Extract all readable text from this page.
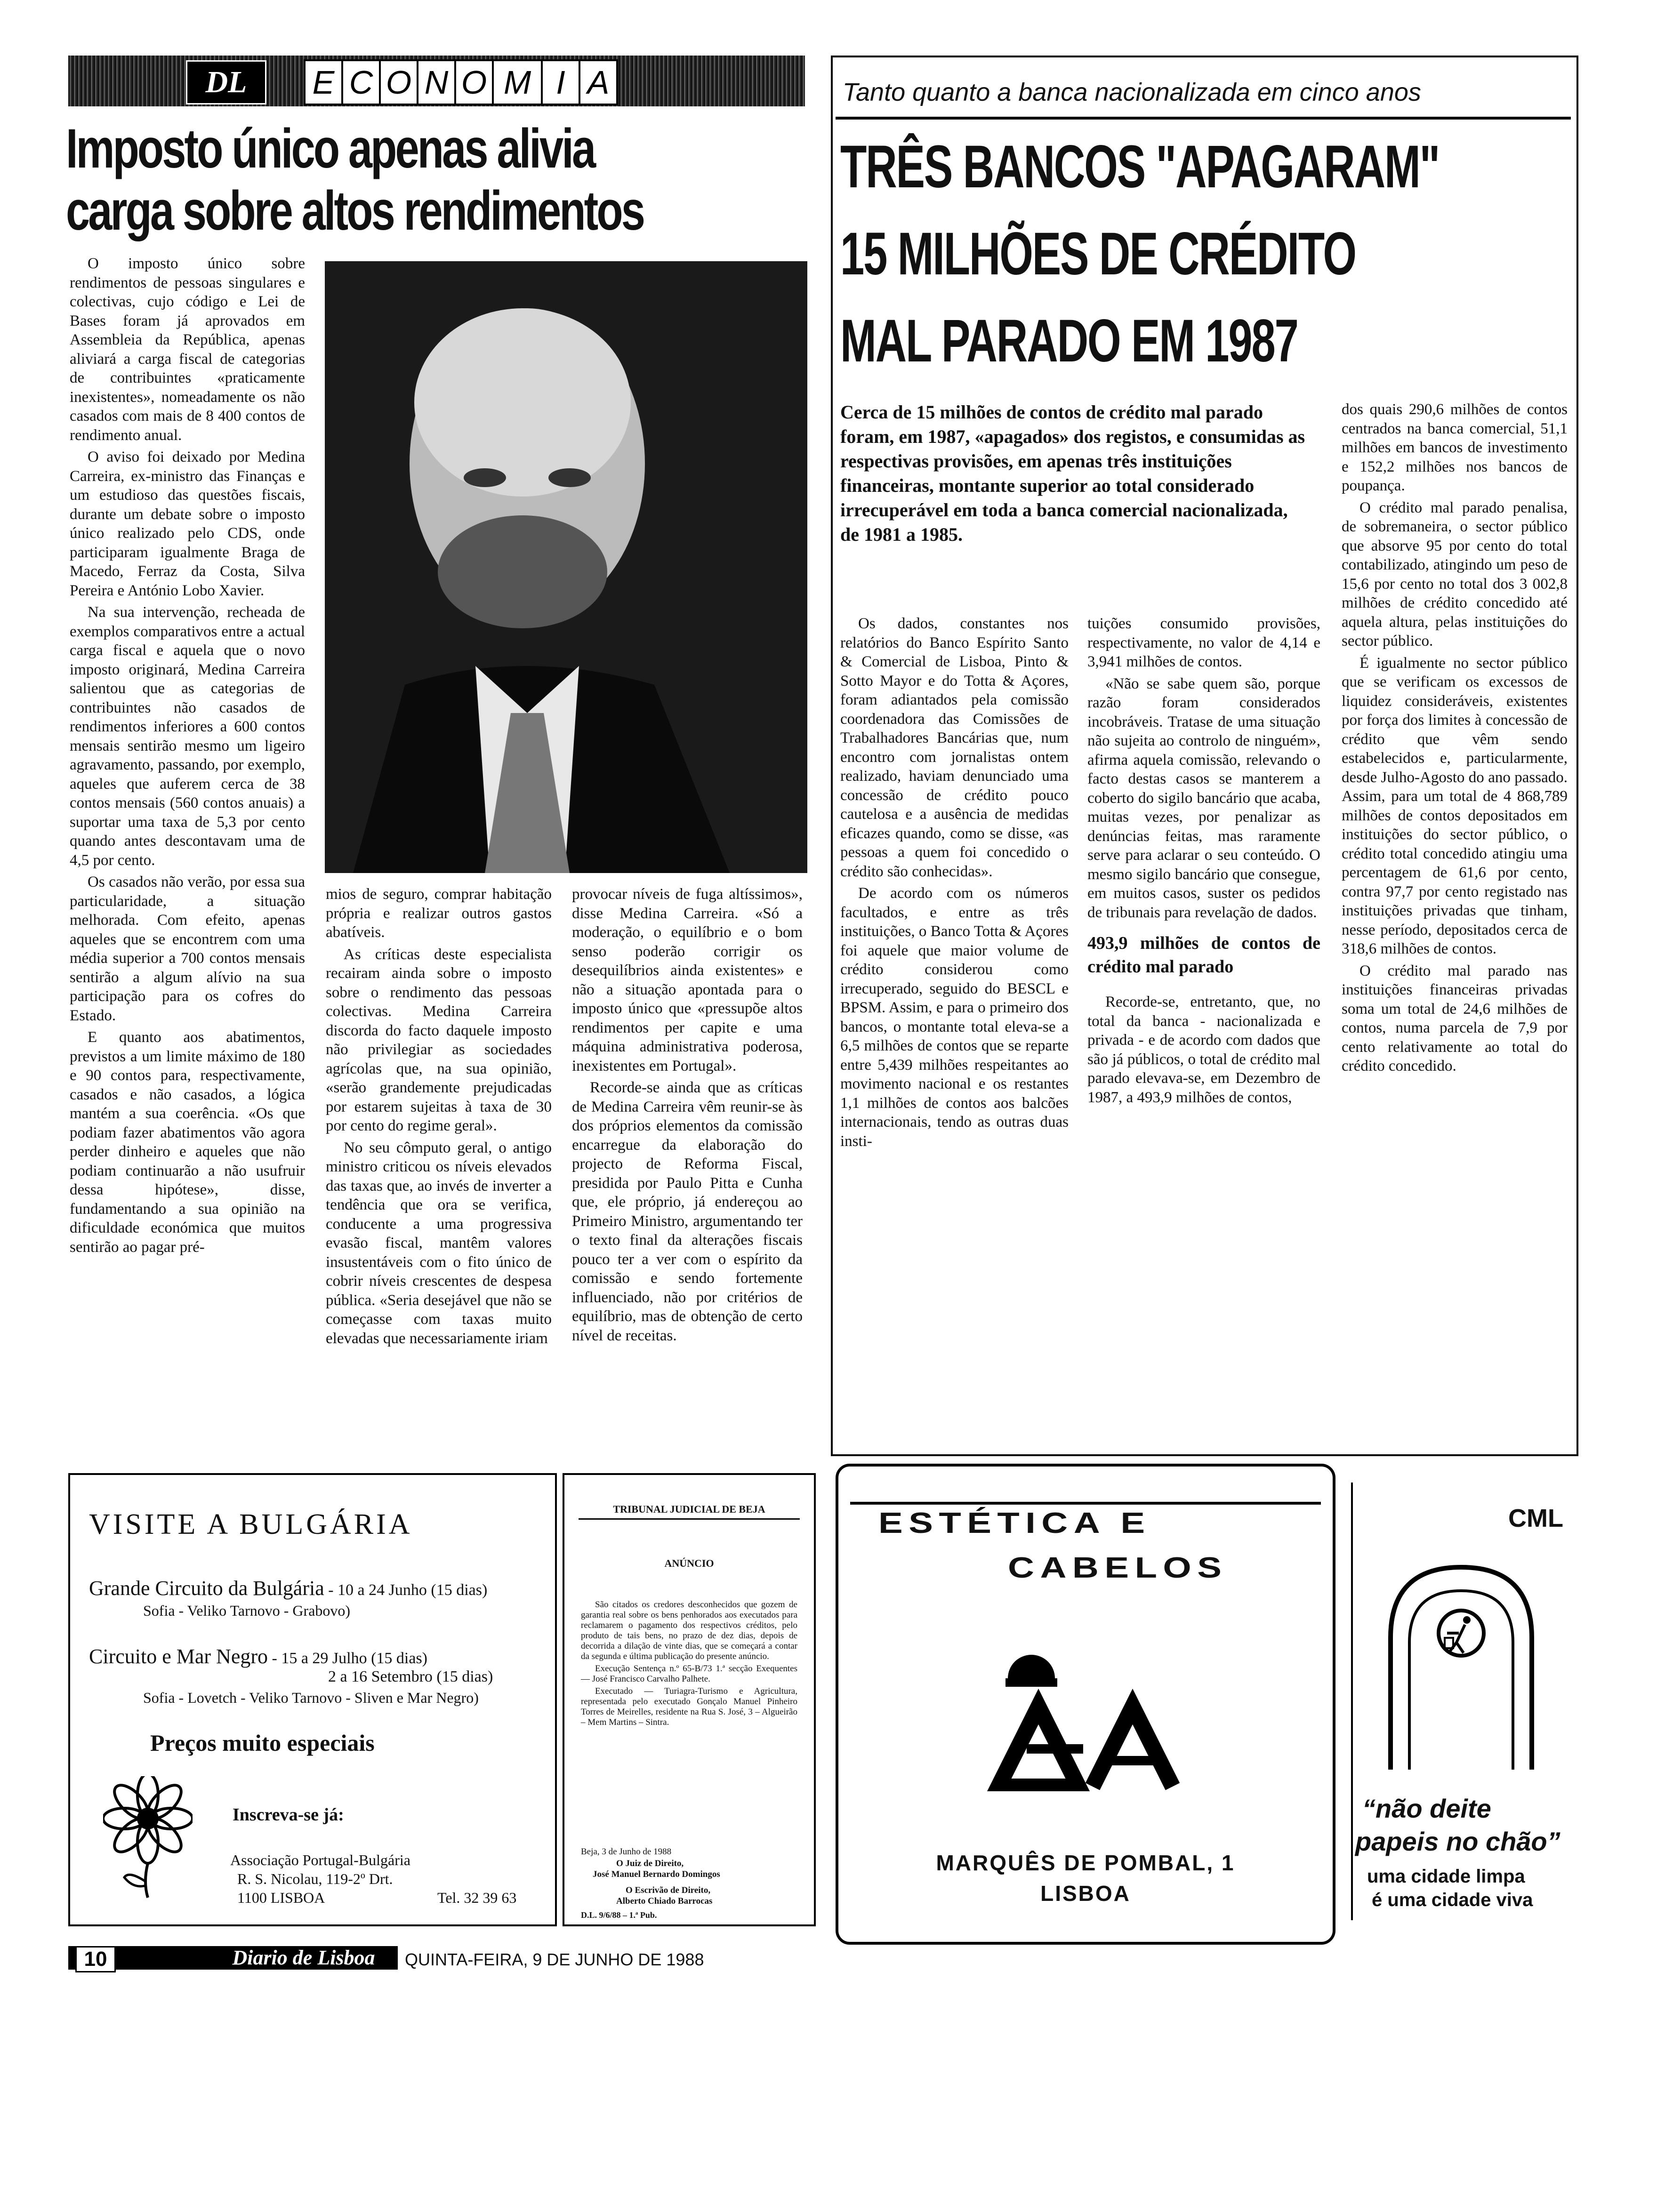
DL	E C O N O M I A
Imposto único apenas alivia
carga sobre altos rendimentos

O imposto único sobre rendimentos de pessoas singulares e colectivas, cujo código e Lei de Bases foram já aprovados em Assembleia da República, apenas aliviará a carga fiscal de categorias de contribuintes «praticamente inexistentes», nomeadamente os não casados com mais de 8 400 contos de rendimento anual.

O aviso foi deixado por Medina Carreira, ex-ministro das Finanças e um estudioso das questões fiscais, durante um debate sobre o imposto único realizado pelo CDS, onde participaram igualmente Braga de Macedo, Ferraz da Costa, Silva Pereira e António Lobo Xavier.

Na sua intervenção, recheada de exemplos comparativos entre a actual carga fiscal e aquela que o novo imposto originará, Medina Carreira salientou que as categorias de contribuintes não casados de rendimentos inferiores a 600 contos mensais sentirão mesmo um ligeiro agravamento, passando, por exemplo, aqueles que auferem cerca de 38 contos mensais (560 contos anuais) a suportar uma taxa de 5,3 por cento quando antes descontavam uma de 4,5 por cento.

Os casados não verão, por essa sua particularidade, a situação melhorada. Com efeito, apenas aqueles que se encontrem com uma média superior a 700 contos mensais sentirão a algum alívio na sua participação para os cofres do Estado.

E quanto aos abatimentos, previstos a um limite máximo de 180 e 90 contos para, respectivamente, casados e não casados, a lógica mantém a sua coerência. «Os que podiam fazer abatimentos vão agora perder dinheiro e aqueles que não podiam continuarão a não usufruir dessa hipótese», disse, fundamentando a sua opinião na dificuldade económica que muitos sentirão ao pagar pré-

mios de seguro, comprar habitação própria e realizar outros gastos abatíveis.

As críticas deste especialista recairam ainda sobre o imposto sobre o rendimento das pessoas colectivas. Medina Carreira discorda do facto daquele imposto não privilegiar as sociedades agrícolas que, na sua opinião, «serão grandemente prejudicadas por estarem sujeitas à taxa de 30 por cento do regime geral».

No seu cômputo geral, o antigo ministro criticou os níveis elevados das taxas que, ao invés de inverter a tendência que ora se verifica, conducente a uma progressiva evasão fiscal, mantêm valores insustentáveis com o fito único de cobrir níveis crescentes de despesa pública. «Seria desejável que não se começasse com taxas muito elevadas que necessariamente iriam

provocar níveis de fuga altíssimos», disse Medina Carreira. «Só a moderação, o equilíbrio e o bom senso poderão corrigir os desequilíbrios ainda existentes» e não a situação apontada para o imposto único que «pressupõe altos rendimentos per capite e uma máquina administrativa poderosa, inexistentes em Portugal».

Recorde-se ainda que as críticas de Medina Carreira vêm reunir-se às dos próprios elementos da comissão encarregue da elaboração do projecto de Reforma Fiscal, presidida por Paulo Pitta e Cunha que, ele próprio, já endereçou ao Primeiro Ministro, argumentando ter o texto final da alterações fiscais pouco ter a ver com o espírito da comissão e sendo fortemente influenciado, não por critérios de equilíbrio, mas de obtenção de certo nível de receitas.

Tanto quanto a banca nacionalizada em cinco anos
TRÊS BANCOS "APAGARAM"
15 MILHÕES DE CRÉDITO
MAL PARADO EM 1987
Cerca de 15 milhões de contos de crédito mal parado foram, em 1987, «apagados» dos registos, e consumidas as respectivas provisões, em apenas três instituições financeiras, montante superior ao total considerado irrecuperável em toda a banca comercial nacionalizada, de 1981 a 1985.

Os dados, constantes nos relatórios do Banco Espírito Santo & Comercial de Lisboa, Pinto & Sotto Mayor e do Totta & Açores, foram adiantados pela comissão coordenadora das Comissões de Trabalhadores Bancárias que, num encontro com jornalistas ontem realizado, haviam denunciado uma concessão de crédito pouco cautelosa e a ausência de medidas eficazes quando, como se disse, «as pessoas a quem foi concedido o crédito são conhecidas».

De acordo com os números facultados, e entre as três instituições, o Banco Totta & Açores foi aquele que maior volume de crédito considerou como irrecuperado, seguido do BESCL e BPSM. Assim, e para o primeiro dos bancos, o montante total eleva-se a 6,5 milhões de contos que se reparte entre 5,439 milhões respeitantes ao movimento nacional e os restantes 1,1 milhões de contos aos balcões internacionais, tendo as outras duas insti-

tuições consumido provisões, respectivamente, no valor de 4,14 e 3,941 milhões de contos.

«Não se sabe quem são, porque razão foram considerados incobráveis. Tratase de uma situação não sujeita ao controlo de ninguém», afirma aquela comissão, relevando o facto destas casos se manterem a coberto do sigilo bancário que acaba, muitas vezes, por penalizar as denúncias feitas, mas raramente serve para aclarar o seu conteúdo. O mesmo sigilo bancário que consegue, em muitos casos, suster os pedidos de tribunais para revelação de dados.

493,9 milhões de contos de crédito mal parado

Recorde-se, entretanto, que, no total da banca - nacionalizada e privada - e de acordo com dados que são já públicos, o total de crédito mal parado elevava-se, em Dezembro de 1987, a 493,9 milhões de contos,

dos quais 290,6 milhões de contos centrados na banca comercial, 51,1 milhões em bancos de investimento e 152,2 milhões nos bancos de poupança.

O crédito mal parado penalisa, de sobremaneira, o sector público que absorve 95 por cento do total contabilizado, atingindo um peso de 15,6 por cento no total dos 3 002,8 milhões de crédito concedido até aquela altura, pelas instituições do sector público.

É igualmente no sector público que se verificam os excessos de liquidez consideráveis, existentes por força dos limites à concessão de crédito que vêm sendo estabelecidos e, particularmente, desde Julho-Agosto do ano passado. Assim, para um total de 4 868,789 milhões de contos depositados em instituições do sector público, o crédito total concedido atingiu uma percentagem de 61,6 por cento, contra 97,7 por cento registado nas instituições privadas que tinham, nesse período, depositados cerca de 318,6 milhões de contos.

O crédito mal parado nas instituições financeiras privadas soma um total de 24,6 milhões de contos, numa parcela de 7,9 por cento relativamente ao total do crédito concedido.

VISITE A BULGÁRIA
Grande Circuito da Bulgária - 10 a 24 Junho (15 dias)
Sofia - Veliko Tarnovo - Grabovo)
Circuito e Mar Negro - 15 a 29 Julho (15 dias)
2 a 16 Setembro (15 dias)
Sofia - Lovetch - Veliko Tarnovo - Sliven e Mar Negro)
Preços muito especiais
Inscreva-se já:
Associação Portugal-Bulgária
R. S. Nicolau, 119-2º Drt.
1100 LISBOA	Tel. 32 39 63
TRIBUNAL JUDICIAL DE BEJA
ANÚNCIO
São citados os credores desconhecidos que gozem de garantia real sobre os bens penhorados aos executados para reclamarem o pagamento dos respectivos créditos, pelo produto de tais bens, no prazo de dez dias, depois de decorrida a dilação de vinte dias, que se começará a contar da segunda e última publicação do presente anúncio.
Execução Sentença n.º 65-B/73 1.ª secção Exequentes — José Francisco Carvalho Palhete.
Executado — Turiagra-Turismo e Agricultura, representada pelo executado Gonçalo Manuel Pinheiro Torres de Meirelles, residente na Rua S. José, 3 – Algueirão – Mem Martins – Sintra.
Beja, 3 de Junho de 1988
O Juiz de Direito,
José Manuel Bernardo Domingos
O Escrivão de Direito,
Alberto Chiado Barrocas
D.L. 9/6/88 – 1.ª Pub.
ESTÉTICA E
CABELOS
MARQUÊS DE POMBAL, 1
LISBOA
CML
“não deite
papeis no chão”
uma cidade limpa
é uma cidade viva
10	Diario de Lisboa	QUINTA-FEIRA, 9 DE JUNHO DE 1988
